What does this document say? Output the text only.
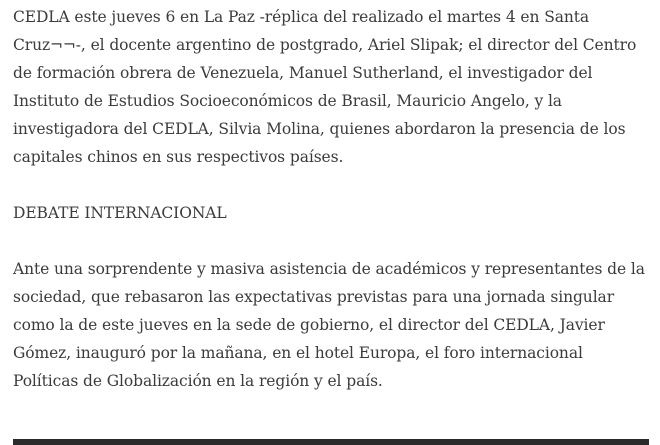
CEDLA este jueves 6 en La Paz -réplica del realizado el martes 4 en Santa Cruz¬¬-, el docente argentino de postgrado, Ariel Slipak; el director del Centro de formación obrera de Venezuela, Manuel Sutherland, el investigador del Instituto de Estudios Socioeconómicos de Brasil, Mauricio Angelo, y la investigadora del CEDLA, Silvia Molina, quienes abordaron la presencia de los capitales chinos en sus respectivos países.

DEBATE INTERNACIONAL

Ante una sorprendente y masiva asistencia de académicos y representantes de la sociedad, que rebasaron las expectativas previstas para una jornada singular como la de este jueves en la sede de gobierno, el director del CEDLA, Javier Gómez, inauguró por la mañana, en el hotel Europa, el foro internacional Políticas de Globalización en la región y el país.
